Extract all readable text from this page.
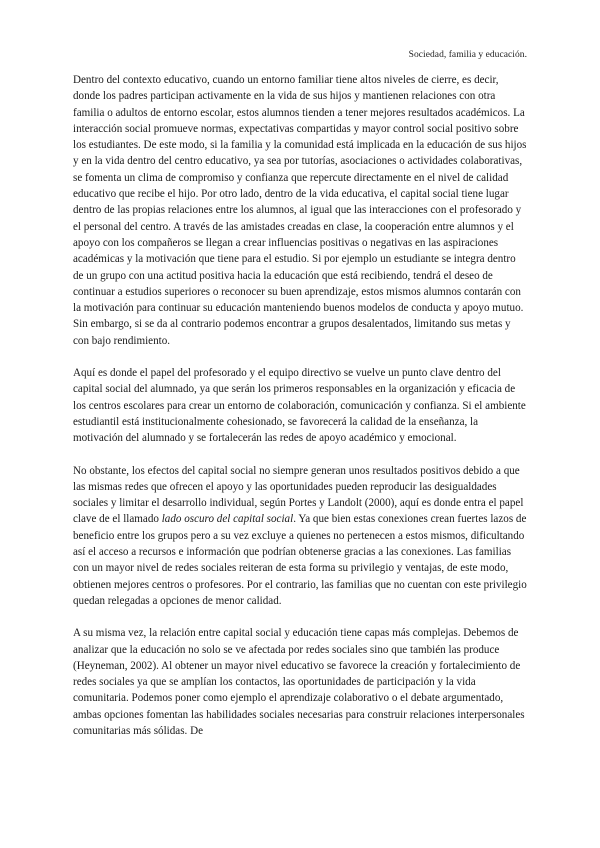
Sociedad, familia y educación.

Dentro del contexto educativo, cuando un entorno familiar tiene altos niveles de cierre, es decir, donde los padres participan activamente en la vida de sus hijos y mantienen relaciones con otra familia o adultos de entorno escolar, estos alumnos tienden a tener mejores resultados académicos. La interacción social promueve normas, expectativas compartidas y mayor control social positivo sobre los estudiantes. De este modo, si la familia y la comunidad está implicada en la educación de sus hijos y en la vida dentro del centro educativo, ya sea por tutorías, asociaciones o actividades colaborativas, se fomenta un clima de compromiso y confianza que repercute directamente en el nivel de calidad educativo que recibe el hijo. Por otro lado, dentro de la vida educativa, el capital social tiene lugar dentro de las propias relaciones entre los alumnos, al igual que las interacciones con el profesorado y el personal del centro. A través de las amistades creadas en clase, la cooperación entre alumnos y el apoyo con los compañeros se llegan a crear influencias positivas o negativas en las aspiraciones académicas y la motivación que tiene para el estudio. Si por ejemplo un estudiante se integra dentro de un grupo con una actitud positiva hacia la educación que está recibiendo, tendrá el deseo de continuar a estudios superiores o reconocer su buen aprendizaje, estos mismos alumnos contarán con la motivación para continuar su educación manteniendo buenos modelos de conducta y apoyo mutuo. Sin embargo, si se da al contrario podemos encontrar a grupos desalentados, limitando sus metas y con bajo rendimiento.

Aquí es donde el papel del profesorado y el equipo directivo se vuelve un punto clave dentro del capital social del alumnado, ya que serán los primeros responsables en la organización y eficacia de los centros escolares para crear un entorno de colaboración, comunicación y confianza. Si el ambiente estudiantil está institucionalmente cohesionado, se favorecerá la calidad de la enseñanza, la motivación del alumnado y se fortalecerán las redes de apoyo académico y emocional.

No obstante, los efectos del capital social no siempre generan unos resultados positivos debido a que las mismas redes que ofrecen el apoyo y las oportunidades pueden reproducir las desigualdades sociales y limitar el desarrollo individual, según Portes y Landolt (2000), aquí es donde entra el papel clave de el llamado lado oscuro del capital social. Ya que bien estas conexiones crean fuertes lazos de beneficio entre los grupos pero a su vez excluye a quienes no pertenecen a estos mismos, dificultando así el acceso a recursos e información que podrían obtenerse gracias a las conexiones. Las familias con un mayor nivel de redes sociales reiteran de esta forma su privilegio y ventajas, de este modo, obtienen mejores centros o profesores. Por el contrario, las familias que no cuentan con este privilegio quedan relegadas a opciones de menor calidad.

A su misma vez, la relación entre capital social y educación tiene capas más complejas. Debemos de analizar que la educación no solo se ve afectada por redes sociales sino que también las produce (Heyneman, 2002). Al obtener un mayor nivel educativo se favorece la creación y fortalecimiento de redes sociales ya que se amplían los contactos, las oportunidades de participación y la vida comunitaria. Podemos poner como ejemplo el aprendizaje colaborativo o el debate argumentado, ambas opciones fomentan las habilidades sociales necesarias para construir relaciones interpersonales comunitarias más sólidas. De
